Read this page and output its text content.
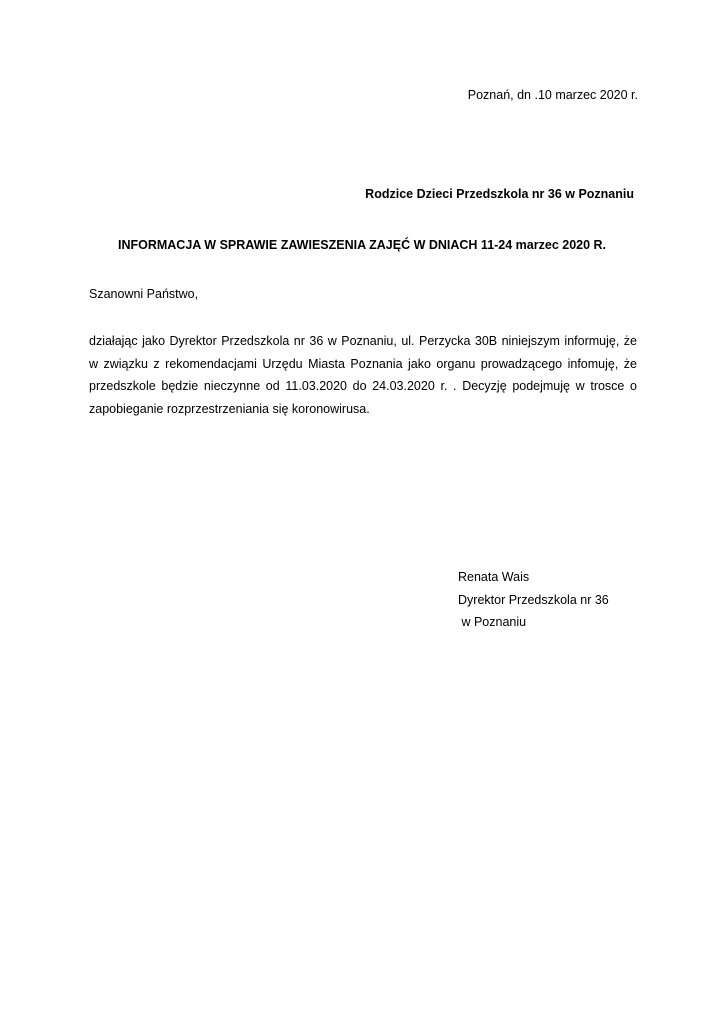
Poznań, dn .10 marzec 2020 r.
Rodzice Dzieci Przedszkola nr 36 w Poznaniu
INFORMACJA W SPRAWIE ZAWIESZENIA ZAJĘĆ W DNIACH 11-24 marzec 2020 R.
Szanowni Państwo,
działając jako Dyrektor Przedszkola nr 36 w Poznaniu, ul. Perzycka 30B niniejszym informuję, że
w związku z rekomendacjami Urzędu Miasta Poznania jako organu prowadzącego infomuję, że
przedszkole będzie nieczynne od 11.03.2020 do 24.03.2020 r. . Decyzję podejmuję w trosce o
zapobieganie rozprzestrzeniania się koronowirusa.
Renata Wais
Dyrektor Przedszkola nr 36
w Poznaniu
